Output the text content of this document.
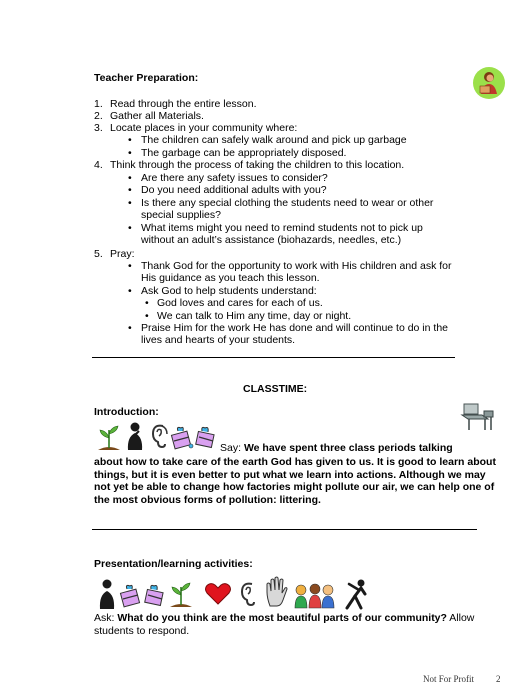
Teacher Preparation:
1. Read through the entire lesson.
2. Gather all Materials.
3. Locate places in your community where:
• The children can safely walk around and pick up garbage
• The garbage can be appropriately disposed.
4. Think through the process of taking the children to this location.
• Are there any safety issues to consider?
• Do you need additional adults with you?
• Is there any special clothing the students need to wear or other
special supplies?
• What items might you need to remind students not to pick up
without an adult’s assistance (biohazards, needles, etc.)
5. Pray:
• Thank God for the opportunity to work with His children and ask for
His guidance as you teach this lesson.
• Ask God to help students understand:
• God loves and cares for each of us.
• We can talk to Him any time, day or night.
• Praise Him for the work He has done and will continue to do in the
lives and hearts of your students.
CLASSTIME:
Introduction:
Say: We have spent three class periods talking
about how to take care of the earth God has given to us. It is good to learn about
things, but it is even better to put what we learn into actions. Although we may
not yet be able to change how factories might pollute our air, we can help one of
the most obvious forms of pollution: littering.
Presentation/learning activities:
Ask: What do you think are the most beautiful parts of our community? Allow
students to respond.
Not For Profit 2
